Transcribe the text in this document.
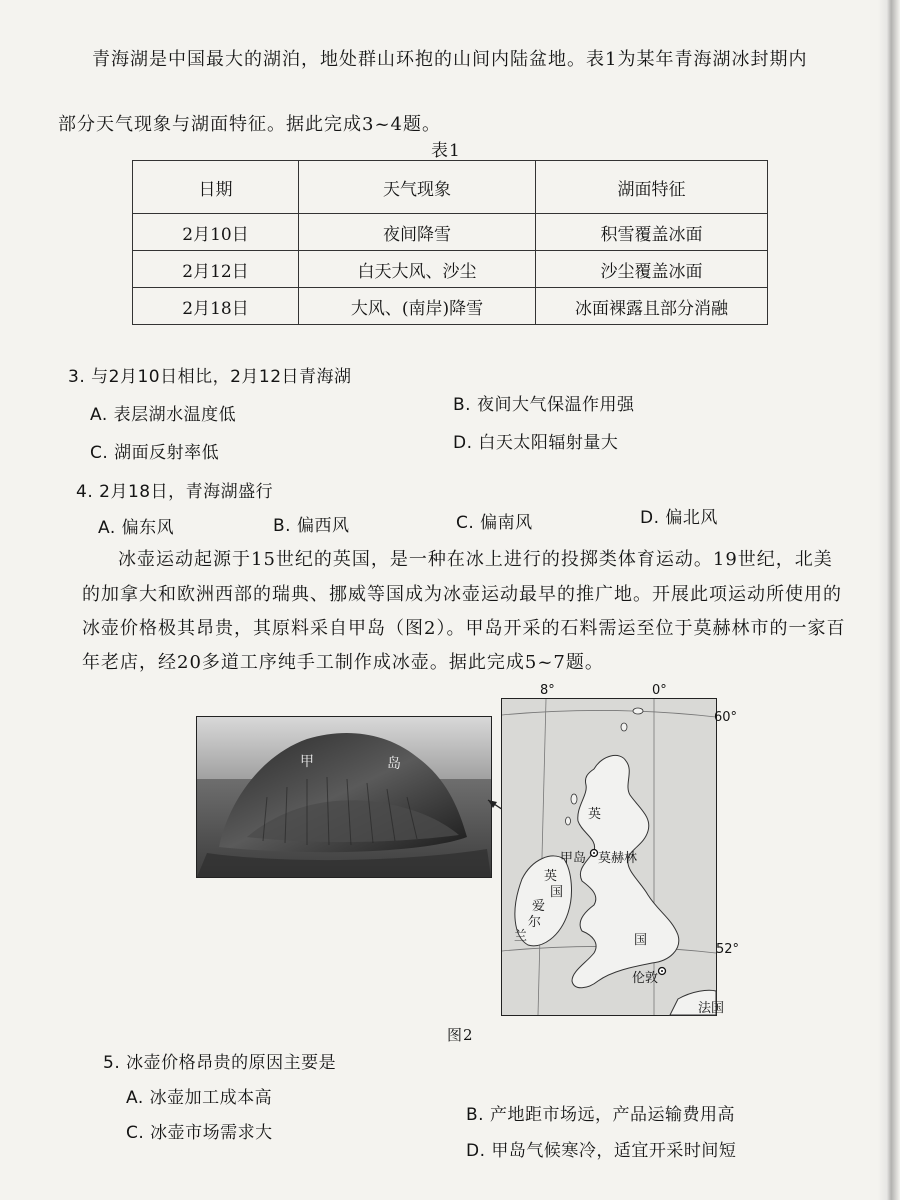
青海湖是中国最大的湖泊，地处群山环抱的山间内陆盆地。表1为某年青海湖冰封期内
部分天气现象与湖面特征。据此完成3~4题。
表1
日期	天气现象	湖面特征
2月10日	夜间降雪	积雪覆盖冰面
2月12日	白天大风、沙尘	沙尘覆盖冰面
2月18日	大风、(南岸)降雪	冰面裸露且部分消融
3. 与2月10日相比，2月12日青海湖
A. 表层湖水温度低	B. 夜间大气保温作用强
C. 湖面反射率低	D. 白天太阳辐射量大
4. 2月18日，青海湖盛行
A. 偏东风	B. 偏西风	C. 偏南风	D. 偏北风
冰壶运动起源于15世纪的英国，是一种在冰上进行的投掷类体育运动。19世纪，北美
的加拿大和欧洲西部的瑞典、挪威等国成为冰壶运动最早的推广地。开展此项运动所使用的
冰壶价格极其昂贵，其原料采自甲岛（图2）。甲岛开采的石料需运至位于莫赫林市的一家百
年老店，经20多道工序纯手工制作成冰壶。据此完成5~7题。
甲	岛
英
甲岛 莫赫林
英
国
爱
尔
兰	国
伦敦
法国
8°	0°
60°
52°
图2
5. 冰壶价格昂贵的原因主要是
A. 冰壶加工成本高
B. 产地距市场远，产品运输费用高
C. 冰壶市场需求大
D. 甲岛气候寒冷，适宜开采时间短
